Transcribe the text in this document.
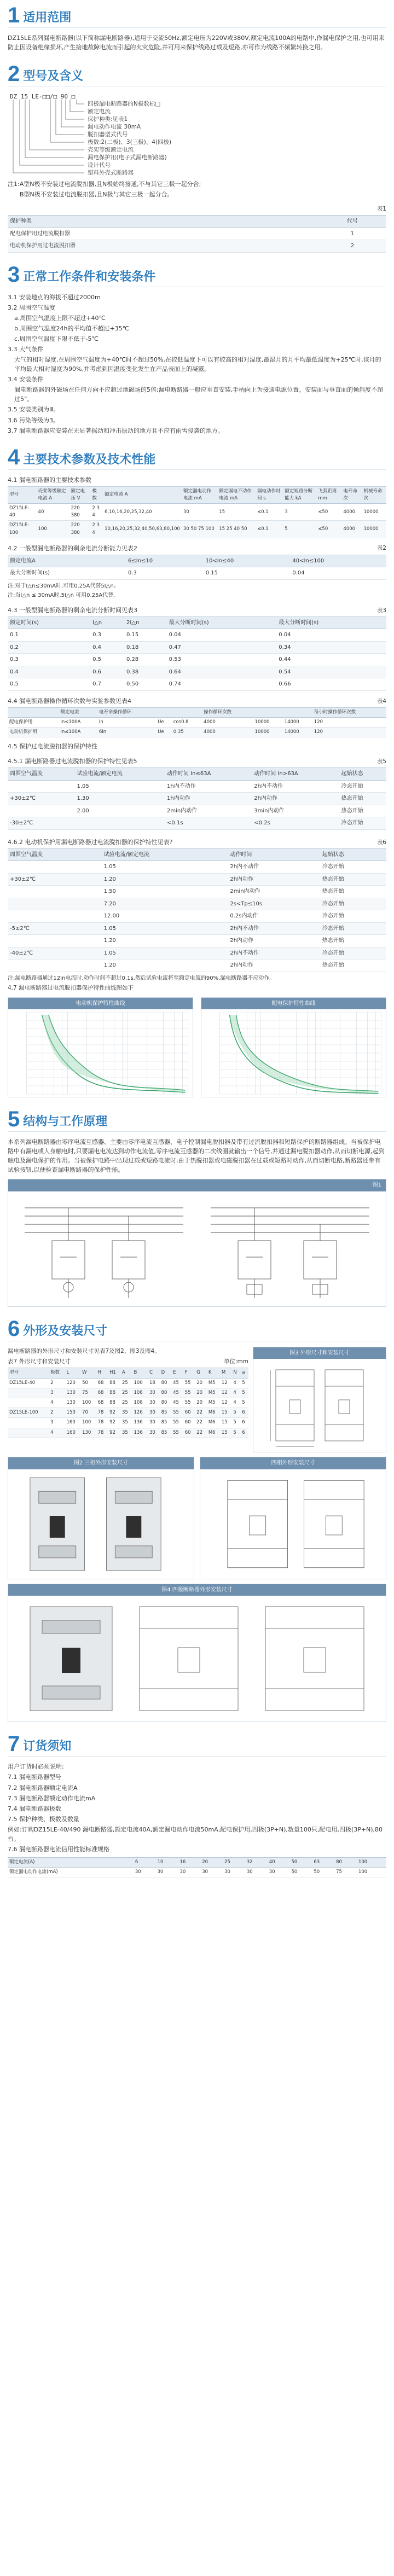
1 适用范围

DZ15LE系列漏电断路器(以下简称漏电断路器),适用于交流50Hz,额定电压为220V或380V,额定电流100A的电路中,作漏电保护之用,也可用来防止因设备绝缘损坏,产生接地故障电流而引起的火灾危险,并可用来保护线路过载及短路,亦可作为线路不频繁转换之用。

2 型号及含义
DZ 15 LE-□□/□ 90 □
四极漏电断路器的N极数标□
额定电流
保护种类:见表1
漏电动作电流 30mA
脱扣器型式代号
极数:2(二极)、3(三极)、4(四极)
壳架等级额定电流
漏电保护用(电子式漏电断路器)
设计代号
塑料外壳式断路器

注1:A型N极不安装过电流脱扣器,且N极始终接通,不与其它三极一起分合;

B型N极不安装过电流脱扣器,且N极与其它三极一起分合。

表1
保护种类	代号
配电保护用过电流脱扣器	1
电动机保护用过电流脱扣器	2
3 正常工作条件和安装条件

3.1 安装地点的海拔不超过2000m

3.2 周围空气温度

a.周围空气温度上限不超过+40℃

b.周围空气温度24h的平均值不超过+35℃

c.周围空气温度下限不低于-5℃

3.3 大气条件

大气的相对湿度,在周围空气温度为+40℃时不超过50%,在较低温度下可以有较高的相对湿度,最湿月的月平均最低温度为+25℃时,该月的平均最大相对湿度为90%,并考虑到因温度变化发生在产品表面上的凝露。

3.4 安装条件

漏电断路器的外磁场在任何方向不应超过地磁场的5倍;漏电断路器一般应垂直安装,手柄向上为接通电源位置。安装面与垂直面的倾斜度不超过5°。

3.5 安装类别为Ⅲ。

3.6 污染等级为3。

3.7 漏电断路器应安装在无显著摇动和冲击振动的地方且不应有雨雪侵袭的地方。

4 主要技术参数及技术性能
4.1 漏电断路器的主要技术参数
型号	壳架等级额定电流 A	额定电压 V	极数	额定电流 A	额定漏电动作电流 mA	额定漏电不动作电流 mA	漏电动作时间 s	额定短路分断能力 kA	飞弧距离 mm	电寿命 次	机械寿命 次
DZ15LE-40	40	220 380	2 3 4	6,10,16,20,25,32,40	30	15	≤0.1	3	≤50	4000	10000
DZ15LE-100	100	220 380	2 3 4	10,16,20,25,32,40,50,63,80,100	30 50 75 100	15 25 40 50	≤0.1	5	≤50	4000	10000
4.2 一般型漏电断路器的剩余电流分断能力见表2	表2
额定电流A	6≤In≤10	10<In≤40	40<In≤100
最大分断时间(s)	0.3	0.15	0.04

注:对于I△n≤30mA时,可用0.25A代替5I△n。

注:当I△n ≤ 30mA时,5I△n 可用0.25A代替。

4.3 一般型漏电断路器的剩余电流分断时间见表3	表3
额定时间(s)	I△n	2I△n	最大分断时间(s)	最大分断时间(s)
0.1	0.3	0.15	0.04	0.04
0.2	0.4	0.18	0.47	0.34
0.3	0.5	0.28	0.53	0.44
0.4	0.6	0.38	0.64	0.54
0.5	0.7	0.50	0.74	0.66
4.4 漏电断路器操作循环次数与实验参数见表4	表4
	额定电流	电寿命操作循环			操作循环次数			每小时操作循环次数
配电保护用	In≤100A	In	Ue	cos0.8	4000	10000	14000	120
电动机保护用	In≤100A	6In	Ue	0.35	4000	10000	14000	120

4.5 保护过电流脱扣器的保护特性

4.5.1 漏电断路器过电流脱扣器的保护特性见表5	表5
周围空气温度	试验电流/额定电流	动作时间 In≤63A	动作时间 In>63A	起始状态
	1.05	1h内不动作	2h内不动作	冷态开始
+30±2℃	1.30	1h内动作	2h内动作	热态开始
	2.00	2min内动作	3min内动作	热态开始
-30±2℃		<0.1s	<0.2s	冷态开始
4.6.2 电动机保护用漏电断路器过电流脱扣器的保护特性见表?	表6
周围空气温度	试验电流/额定电流	动作时间	起始状态
	1.05	2h内不动作	冷态开始
+30±2℃	1.20	2h内动作	热态开始
	1.50	2min内动作	热态开始
	7.20	2s<Tp≤10s	冷态开始
	12.00	0.2s内动作	冷态开始
-5±2℃	1.05	2h内不动作	冷态开始
	1.20	2h内动作	热态开始
-40±2℃	1.05	2h内不动作	冷态开始
	1.20	2h内动作	热态开始

注:漏电断路器通过12In电流时,动作时间不超过0.1s,然后试验电流将至额定电流的90%,漏电断路器不应动作。

4.7 漏电断路器过电流脱扣器保护特性曲线图如下

电动机保护特性曲线	配电保护特性曲线
5 结构与工作原理

本系列漏电断路器由零序电流互感器、主要由零序电流互感器、电子控制漏电脱扣器及带有过流脱扣器和短路保护的断路器组成。当被保护电路中有漏电或人身触电时,只要漏电电流达到动作电流值,零序电流互感器的二次线圈就输出一个信号,并通过漏电脱扣器动作,从而切断电源,起到触电及漏电保护的作用。当被保护电路中出现过载或短路电流时,由于热脱扣器或电磁脱扣器在过载或短路时动作,从而切断电路,断路器还带有试验按钮,以便检查漏电断路器的保护性能。

图1
6 外形及安装尺寸
漏电断路器的外形尺寸和安装尺寸见表7及图2、图3及图4。
表7 外形尺寸和安装尺寸	单位:mm
型号	极数	L	W	H	H1	A	B	C	D	E	F	G	K	M	N	a
DZ15LE-40	2	120	50	68	88	25	100	18	80	45	55	20	M5	12	4	5
	3	130	75	68	88	25	108	30	80	45	55	20	M5	12	4	5
	4	130	100	68	88	25	108	30	80	45	55	20	M5	12	4	5
DZ15LE-100	2	150	70	78	92	35	126	30	85	55	60	22	M6	15	5	6
	3	160	100	78	92	35	136	30	85	55	60	22	M6	15	5	6
	4	160	130	78	92	35	136	30	85	55	60	22	M6	15	5	6
图3 外形尺寸和安装尺寸
图2 三相外形安装尺寸	四相外形安装尺寸
图4 四极断路器外形安装尺寸
7 订货须知

用户订货时必须说明:

7.1 漏电断路器型号

7.2 漏电断路器额定电流A

7.3 漏电断路器额定动作电流mA

7.4 漏电断路器极数

7.5 保护种类、极数及数量

例如:订购DZ15LE-40/490 漏电断路器,额定电流40A,额定漏电动作电流50mA,配电保护用,四极(3P+N),数量100只,配电用,四极(3P+N),80台。

7.6 漏电断路器电流信用性能标准规格

额定电流(A)	6	10	16	20	25	32	40	50	63	80	100
额定漏电动作电流(mA)	30	30	30	30	30	30	30	50	50	75	100
